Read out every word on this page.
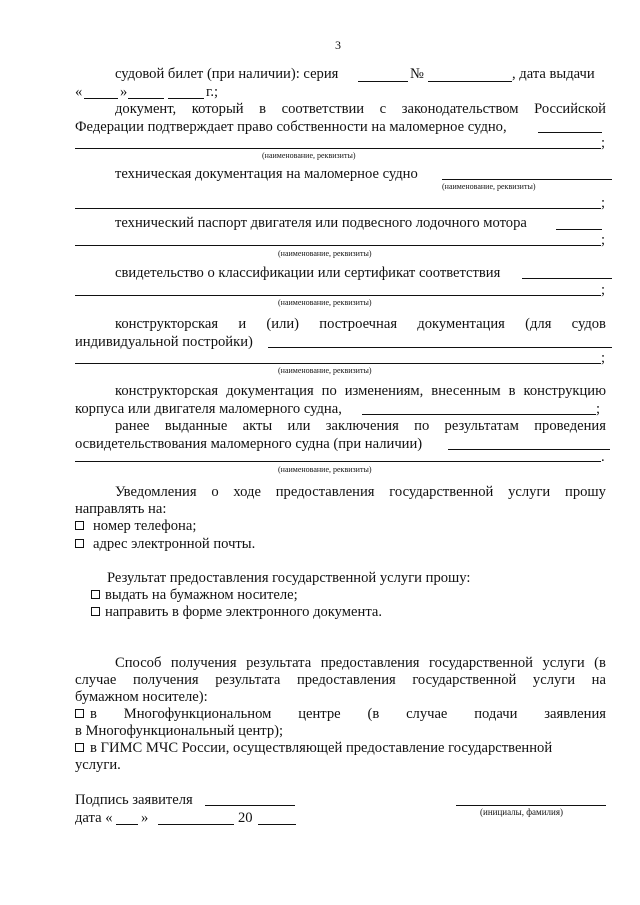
3
судовой билет (при наличии): серия	№	, дата выдачи
«	»	г.;
документ, который в соответствии с законодательством Российской
Федерации подтверждает право собственности на маломерное судно,
;
(наименование, реквизиты)
техническая документация на маломерное судно
(наименование, реквизиты)
;
технический паспорт двигателя или подвесного лодочного мотора
;
(наименование, реквизиты)
свидетельство о классификации или сертификат соответствия
;
(наименование, реквизиты)
конструкторская и (или) построечная документация (для судов
индивидуальной постройки)
;
(наименование, реквизиты)
конструкторская документация по изменениям, внесенным в конструкцию
корпуса или двигателя маломерного судна,	;
ранее выданные акты или заключения по результатам проведения
освидетельствования маломерного судна (при наличии)
.
(наименование, реквизиты)
Уведомления о ходе предоставления государственной услуги прошу
направлять на:
номер телефона;
адрес электронной почты.
Результат предоставления государственной услуги прошу:
выдать на бумажном носителе;
направить в форме электронного документа.
Способ получения результата предоставления государственной услуги (в
случае получения результата предоставления государственной услуги на
бумажном носителе):
в Многофункциональном центре (в случае подачи заявления
в Многофункциональный центр);
в ГИМС МЧС России, осуществляющей предоставление государственной
услуги.
Подпись заявителя
(инициалы, фамилия)
дата « »	20
